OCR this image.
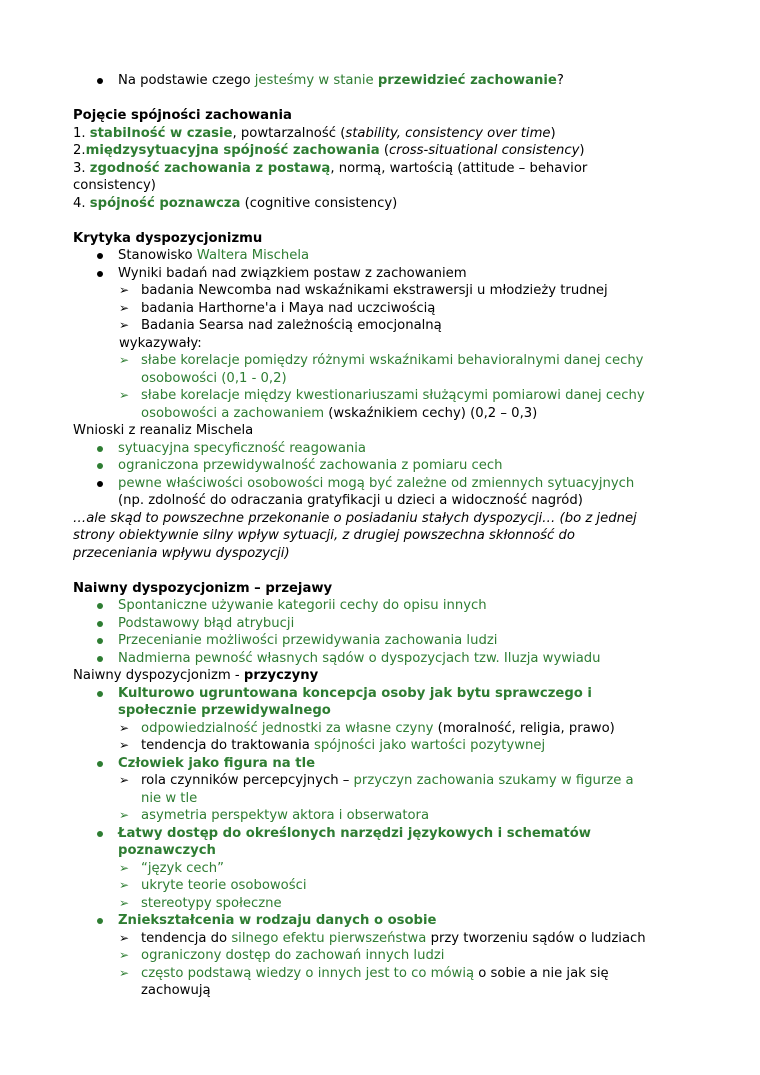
Na podstawie czego jesteśmy w stanie przewidzieć zachowanie?
Pojęcie spójności zachowania
1. stabilność w czasie, powtarzalność (stability, consistency over time)
2.międzysytuacyjna spójność zachowania (cross-situational consistency)
3. zgodność zachowania z postawą, normą, wartością (attitude – behavior
consistency)
4. spójność poznawcza (cognitive consistency)
Krytyka dyspozycjonizmu
Stanowisko Waltera Mischela
Wyniki badań nad związkiem postaw z zachowaniem
➢ badania Newcomba nad wskaźnikami ekstrawersji u młodzieży trudnej
➢ badania Harthorne'a i Maya nad uczciwością
➢ Badania Searsa nad zależnością emocjonalną
wykazywały:
➢ słabe korelacje pomiędzy różnymi wskaźnikami behavioralnymi danej cechy
osobowości (0,1 - 0,2)
➢ słabe korelacje między kwestionariuszami służącymi pomiarowi danej cechy
osobowości a zachowaniem (wskaźnikiem cechy) (0,2 – 0,3)
Wnioski z reanaliz Mischela
sytuacyjna specyficzność reagowania
ograniczona przewidywalność zachowania z pomiaru cech
pewne właściwości osobowości mogą być zależne od zmiennych sytuacyjnych
(np. zdolność do odraczania gratyfikacji u dzieci a widoczność nagród)
…ale skąd to powszechne przekonanie o posiadaniu stałych dyspozycji… (bo z jednej
strony obiektywnie silny wpływ sytuacji, z drugiej powszechna skłonność do
przeceniania wpływu dyspozycji)
Naiwny dyspozycjonizm – przejawy
Spontaniczne używanie kategorii cechy do opisu innych
Podstawowy błąd atrybucji
Przecenianie możliwości przewidywania zachowania ludzi
Nadmierna pewność własnych sądów o dyspozycjach tzw. Iluzja wywiadu
Naiwny dyspozycjonizm - przyczyny
Kulturowo ugruntowana koncepcja osoby jak bytu sprawczego i
społecznie przewidywalnego
➢ odpowiedzialność jednostki za własne czyny (moralność, religia, prawo)
➢ tendencja do traktowania spójności jako wartości pozytywnej
Człowiek jako figura na tle
➢ rola czynników percepcyjnych – przyczyn zachowania szukamy w figurze a
nie w tle
➢ asymetria perspektyw aktora i obserwatora
Łatwy dostęp do określonych narzędzi językowych i schematów
poznawczych
➢ “język cech”
➢ ukryte teorie osobowości
➢ stereotypy społeczne
Zniekształcenia w rodzaju danych o osobie
➢ tendencja do silnego efektu pierwszeństwa przy tworzeniu sądów o ludziach
➢ ograniczony dostęp do zachowań innych ludzi
➢ często podstawą wiedzy o innych jest to co mówią o sobie a nie jak się
zachowują
